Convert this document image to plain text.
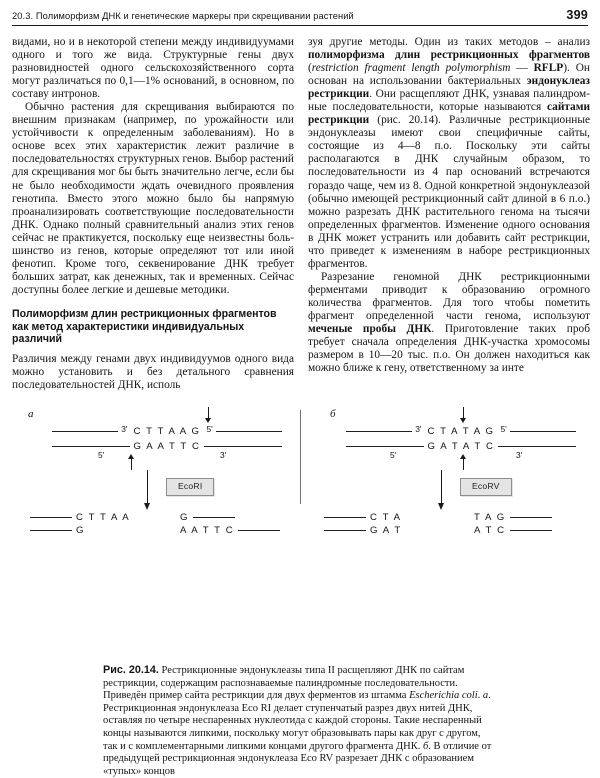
20.3. Полиморфизм ДНК и генетические маркеры при скрещивании растений	399

видами, но и в некоторой степени между индивидуумами одного и того же вида. Структурные гены двух разновидностей одного сельскохозяйственного сорта могут различаться по 0,1—1% оснований, в основном, по составу интронов.

Обычно растения для скрещивания выбираются по внешним признакам (например, по урожайности или устойчивости к определенным заболеваниям). Но в основе всех этих характеристик лежит различие в последовательностях структурных генов. Выбор растений для скрещивания мог бы быть значительно легче, если бы не было необходимости ждать очевидного проявления генотипа. Вместо этого можно было бы напрямую проанализировать соответствующие последовательности ДНК. Однако полный сравнительный анализ этих генов сейчас не практикуется, поскольку еще неизвестны большинство из генов, которые определяют тот или иной фенотип. Кроме того, секвенирование ДНК требует больших затрат, как денежных, так и временных. Сейчас доступны более легкие и дешевые методики.

Полиморфизм длин рестрикционных фрагментов как метод характеристики индивидуальных различий

Различия между генами двух индивидуумов одного вида можно установить и без детального сравнения последовательностей ДНК, исполь

зуя другие методы. Один из таких методов – анализ полиморфизма длин рестрикционных фрагментов (restriction fragment length polymorphism — RFLP). Он основан на использовании бактериальных эндонуклеаз рестрикции. Они расщепляют ДНК, узнавая палиндромные последовательности, которые называются сайтами рестрикции (рис. 20.14). Различные рестрикционные эндонуклеазы имеют свои специфичные сайты, состоящие из 4—8 п.о. Поскольку эти сайты располагаются в ДНК случайным образом, то последовательности из 4 пар оснований встречаются гораздо чаще, чем из 8. Одной конкретной эндонуклеазой (обычно имеющей рестрикционный сайт длиной в 6 п.о.) можно разрезать ДНК растительного генома на тысячи определенных фрагментов. Изменение одного основания в ДНК может устранить или добавить сайт рестрикции, что приведет к изменениям в наборе рестрикционных фрагментов.

Разрезание геномной ДНК рестрикционными ферментами приводит к образованию огромного количества фрагментов. Для того чтобы пометить фрагмент определенной части генома, используют меченые пробы ДНК. Приготовление таких проб требует сначала определения ДНК-участка хромосомы размером в 10—20 тыс. п.о. Он должен находиться как можно ближе к гену, ответственному за инте

а
3' C T T A A G 5'
G A A T T C
5'	3'
EcoRI
C T T A A	G
G	A A T T C
б
3' C T A T A G 5'
G A T A T C
5'	3'
EcoRV
C T A	T A G
G A T	A T C
Рис. 20.14. Рестрикционные эндонуклеазы типа II расщепляют ДНК по сайтам рестрикции, содержащим распознаваемые палиндромные последовательности. Приведён пример сайта рестрикции для двух ферментов из штамма Escherichia coli. а. Рестрикционная эндонуклеаза Eco RI делает ступенчатый разрез двух нитей ДНК, оставляя по четыре неспаренных нуклеотида с каждой стороны. Такие неспаренный концы называются липкими, поскольку могут образовывать пары как друг с другом, так и с комплементарными липкими концами другого фрагмента ДНК. б. В отличие от предыдущей рестрикционная эндонуклеаза Eco RV разрезает ДНК с образованием «тупых» концов
